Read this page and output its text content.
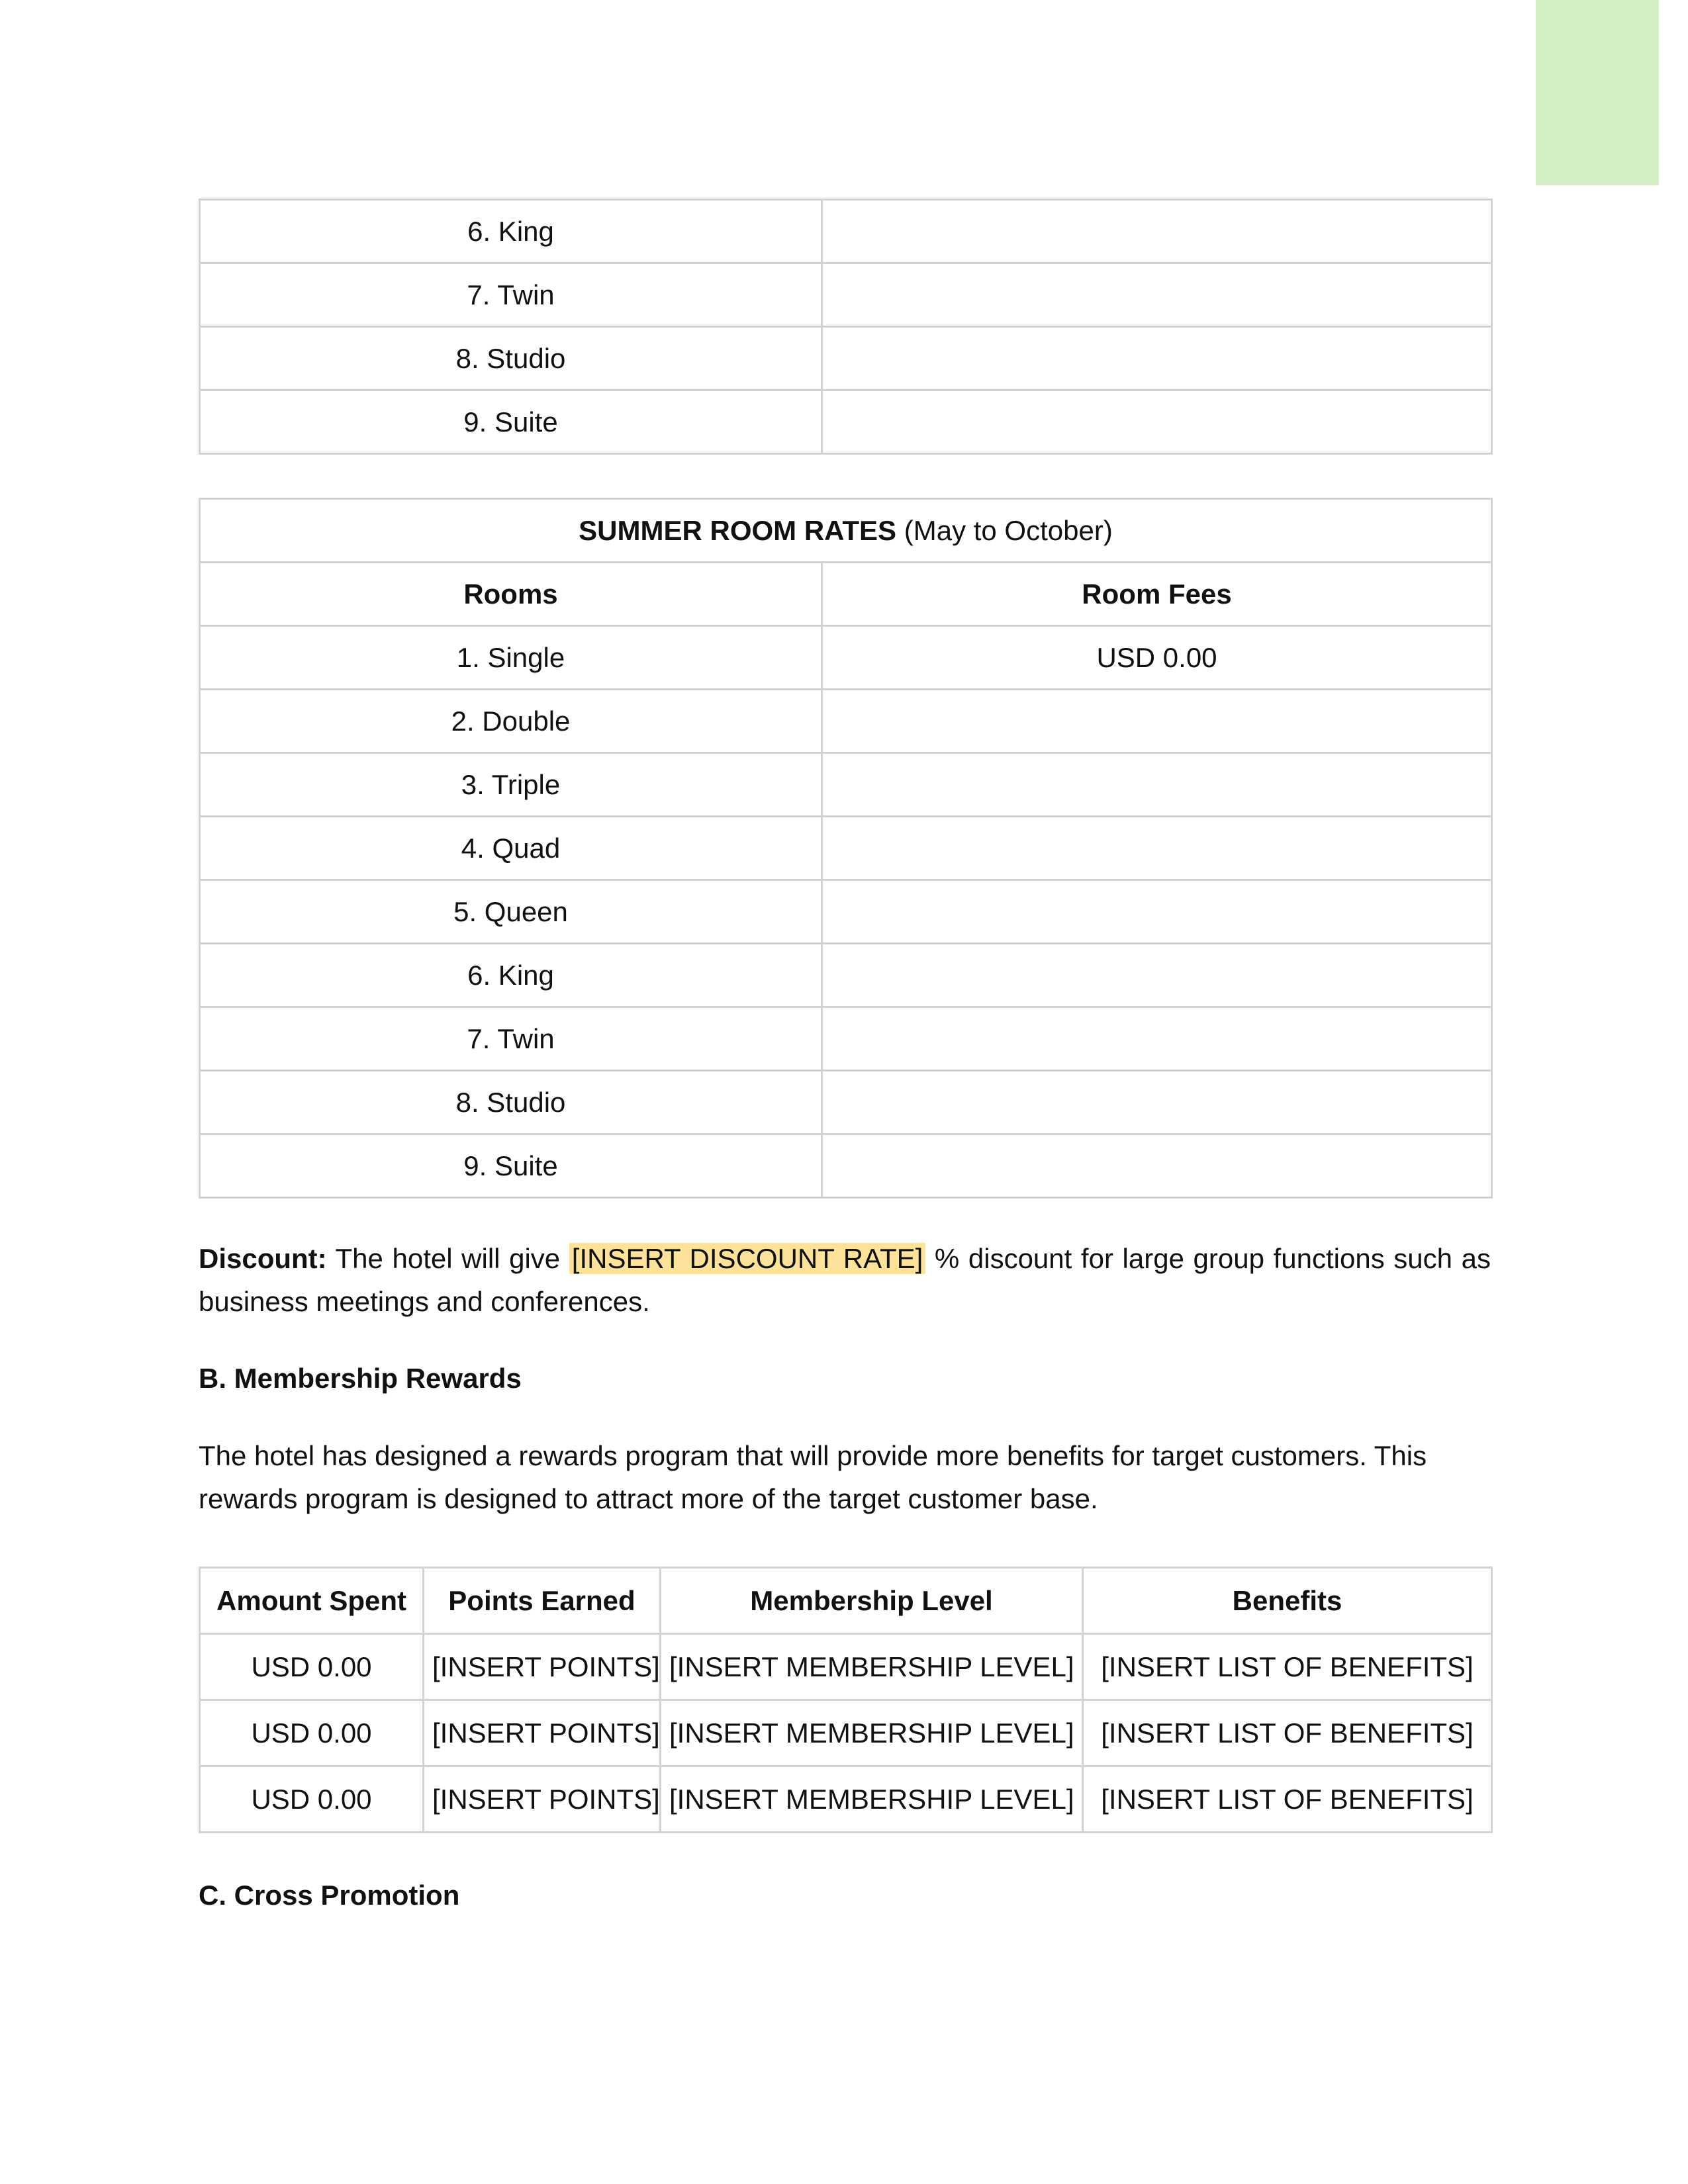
6. King	
7. Twin	
8. Studio	
9. Suite	
SUMMER ROOM RATES (May to October)	
Rooms	Room Fees
1. Single	USD 0.00
2. Double	
3. Triple	
4. Quad	
5. Queen	
6. King	
7. Twin	
8. Studio	
9. Suite	

Discount: The hotel will give [INSERT DISCOUNT RATE] % discount for large group functions such as business meetings and conferences.

B. Membership Rewards

The hotel has designed a rewards program that will provide more benefits for target customers. This rewards program is designed to attract more of the target customer base.

Amount Spent	Points Earned	Membership Level	Benefits
USD 0.00	[INSERT POINTS]	[INSERT MEMBERSHIP LEVEL]	[INSERT LIST OF BENEFITS]
USD 0.00	[INSERT POINTS]	[INSERT MEMBERSHIP LEVEL]	[INSERT LIST OF BENEFITS]
USD 0.00	[INSERT POINTS]	[INSERT MEMBERSHIP LEVEL]	[INSERT LIST OF BENEFITS]

C. Cross Promotion
